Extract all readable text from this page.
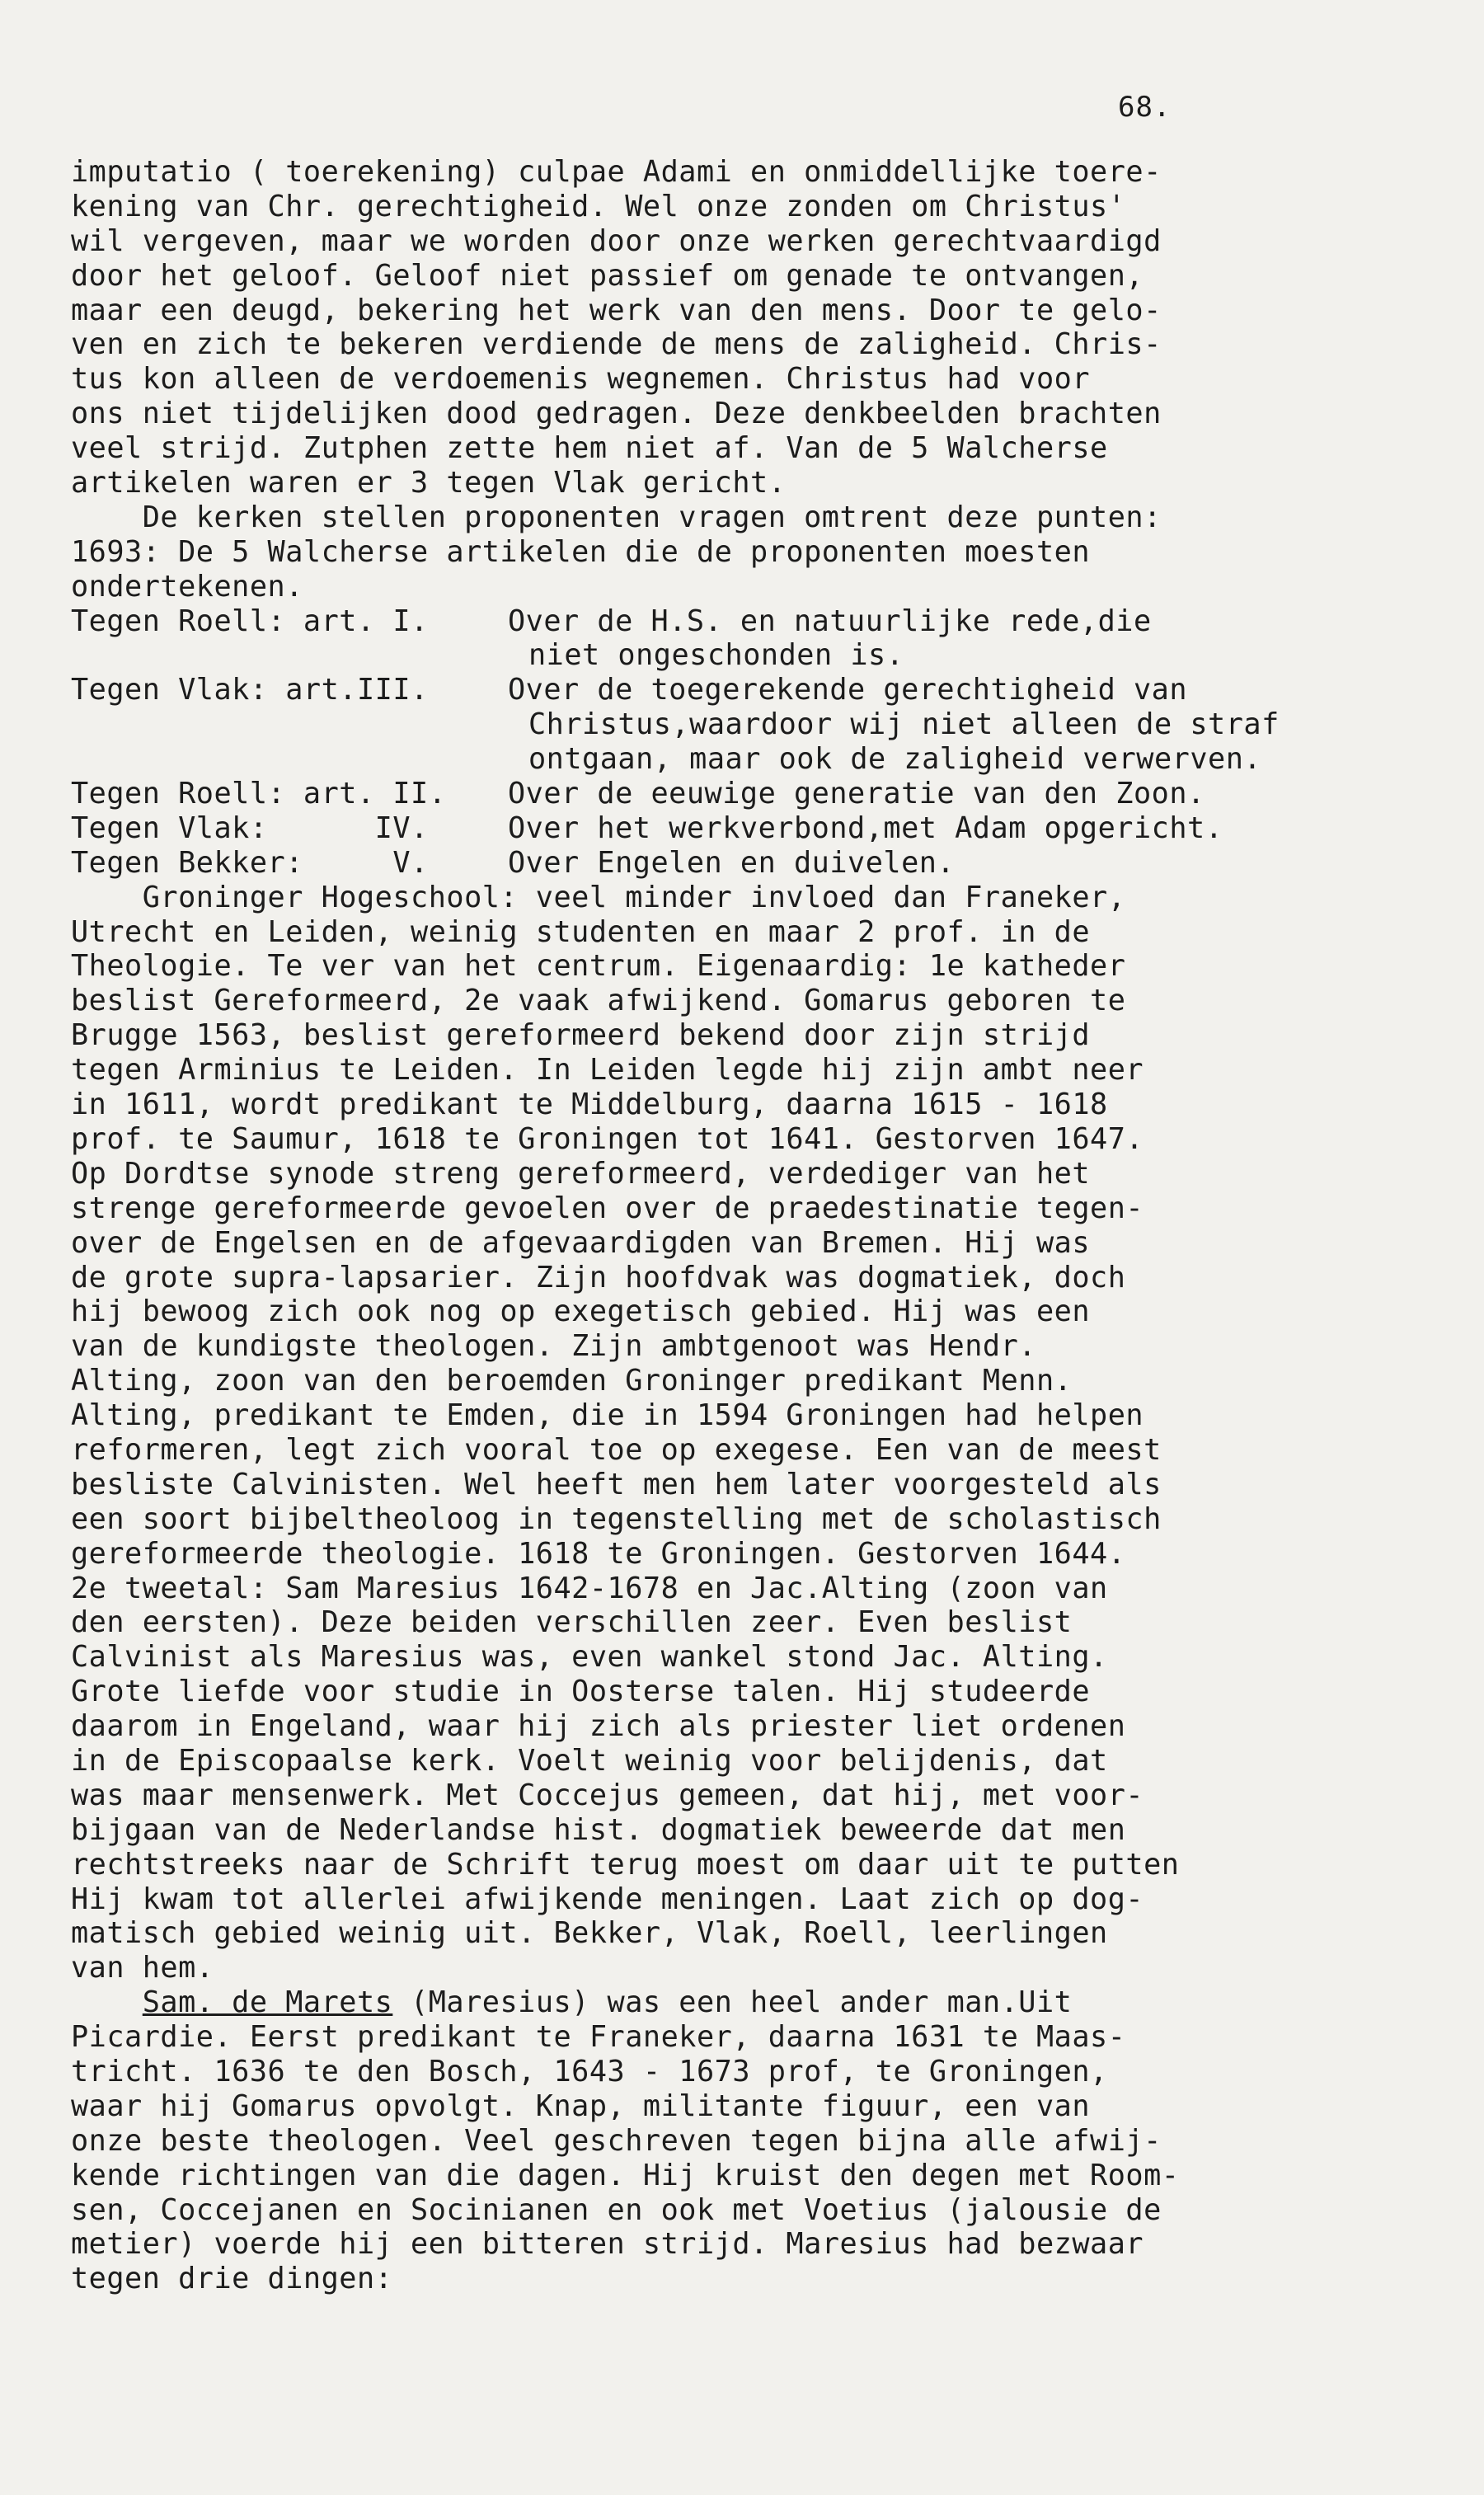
68.
imputatio ( toerekening) culpae Adami en onmiddellijke toere-
kening van Chr. gerechtigheid. Wel onze zonden om Christus'
wil vergeven, maar we worden door onze werken gerechtvaardigd
door het geloof. Geloof niet passief om genade te ontvangen,
maar een deugd, bekering het werk van den mens. Door te gelo-
ven en zich te bekeren verdiende de mens de zaligheid. Chris-
tus kon alleen de verdoemenis wegnemen. Christus had voor
ons niet tijdelijken dood gedragen. Deze denkbeelden brachten
veel strijd. Zutphen zette hem niet af. Van de 5 Walcherse
artikelen waren er 3 tegen Vlak gericht.
De kerken stellen proponenten vragen omtrent deze punten:
1693: De 5 Walcherse artikelen die de proponenten moesten
ondertekenen.
Tegen Roell: art. I.	Over de H.S. en natuurlijke rede,die
niet ongeschonden is.
Tegen Vlak: art.III.	Over de toegerekende gerechtigheid van
Christus,waardoor wij niet alleen de straf
ontgaan, maar ook de zaligheid verwerven.
Tegen Roell: art. II.	Over de eeuwige generatie van den Zoon.
Tegen Vlak:      IV.	Over het werkverbond,met Adam opgericht.
Tegen Bekker:     V.	Over Engelen en duivelen.
Groninger Hogeschool: veel minder invloed dan Franeker,
Utrecht en Leiden, weinig studenten en maar 2 prof. in de
Theologie. Te ver van het centrum. Eigenaardig: 1e katheder
beslist Gereformeerd, 2e vaak afwijkend. Gomarus geboren te
Brugge 1563, beslist gereformeerd bekend door zijn strijd
tegen Arminius te Leiden. In Leiden legde hij zijn ambt neer
in 1611, wordt predikant te Middelburg, daarna 1615 - 1618
prof. te Saumur, 1618 te Groningen tot 1641. Gestorven 1647.
Op Dordtse synode streng gereformeerd, verdediger van het
strenge gereformeerde gevoelen over de praedestinatie tegen-
over de Engelsen en de afgevaardigden van Bremen. Hij was
de grote supra-lapsarier. Zijn hoofdvak was dogmatiek, doch
hij bewoog zich ook nog op exegetisch gebied. Hij was een
van de kundigste theologen. Zijn ambtgenoot was Hendr.
Alting, zoon van den beroemden Groninger predikant Menn.
Alting, predikant te Emden, die in 1594 Groningen had helpen
reformeren, legt zich vooral toe op exegese. Een van de meest
besliste Calvinisten. Wel heeft men hem later voorgesteld als
een soort bijbeltheoloog in tegenstelling met de scholastisch
gereformeerde theologie. 1618 te Groningen. Gestorven 1644.
2e tweetal: Sam Maresius 1642-1678 en Jac.Alting (zoon van
den eersten). Deze beiden verschillen zeer. Even beslist
Calvinist als Maresius was, even wankel stond Jac. Alting.
Grote liefde voor studie in Oosterse talen. Hij studeerde
daarom in Engeland, waar hij zich als priester liet ordenen
in de Episcopaalse kerk. Voelt weinig voor belijdenis, dat
was maar mensenwerk. Met Coccejus gemeen, dat hij, met voor-
bijgaan van de Nederlandse hist. dogmatiek beweerde dat men
rechtstreeks naar de Schrift terug moest om daar uit te putten
Hij kwam tot allerlei afwijkende meningen. Laat zich op dog-
matisch gebied weinig uit. Bekker, Vlak, Roell, leerlingen
van hem.
Sam. de Marets (Maresius) was een heel ander man.Uit
Picardie. Eerst predikant te Franeker, daarna 1631 te Maas-
tricht. 1636 te den Bosch, 1643 - 1673 prof, te Groningen,
waar hij Gomarus opvolgt. Knap, militante figuur, een van
onze beste theologen. Veel geschreven tegen bijna alle afwij-
kende richtingen van die dagen. Hij kruist den degen met Room-
sen, Coccejanen en Socinianen en ook met Voetius (jalousie de
metier) voerde hij een bitteren strijd. Maresius had bezwaar
tegen drie dingen:
